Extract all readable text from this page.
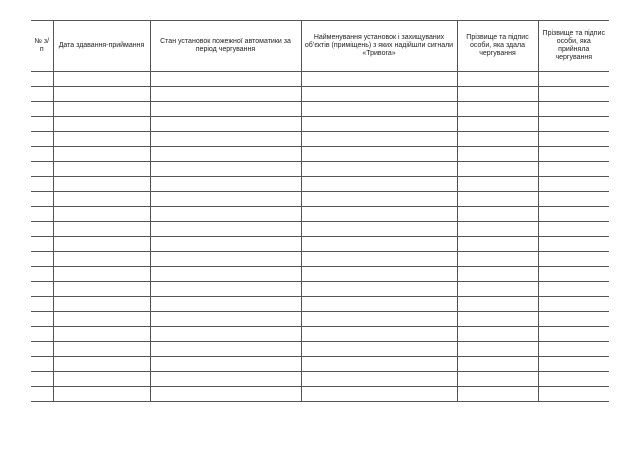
№ з/п	Дата здавання-приймання	Стан установок пожежної автоматики за період чергування	Найменування установок і захищуваних об’єктів (приміщень) з яких надійшли сигнали «Тривога»	Прізвище та підпис особи, яка здала чергування	Прізвище та підпис особи, яка прийняла чергування
